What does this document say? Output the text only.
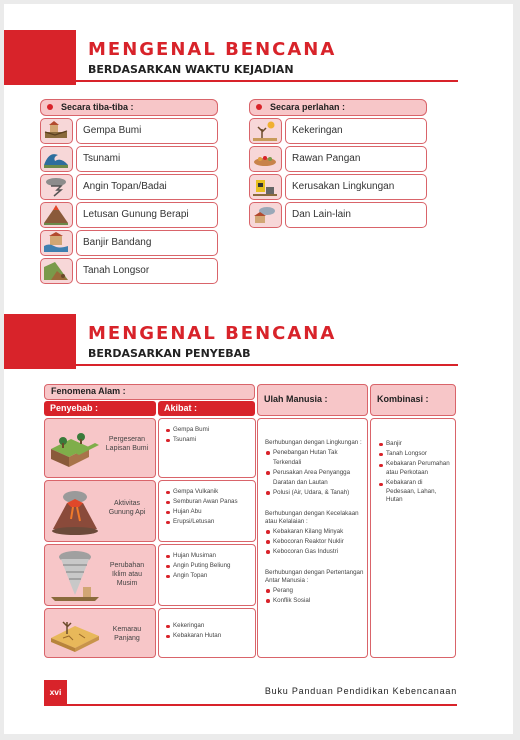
MENGENAL BENCANA
BERDASARKAN WAKTU KEJADIAN
Secara tiba-tiba :
Gempa Bumi
Tsunami
Angin Topan/Badai
Letusan Gunung Berapi
Banjir Bandang
Tanah Longsor
Secara perlahan :
Kekeringan
Rawan Pangan
Kerusakan Lingkungan
Dan Lain-lain
MENGENAL BENCANA
BERDASARKAN PENYEBAB
Fenomena Alam :
Penyebab :	Akibat :
Pergeseran Lapisan Bumi
Gempa Bumi
Tsunami
Aktivitas Gunung Api
Gempa Vulkanik
Semburan Awan Panas
Hujan Abu
Erupsi/Letusan
Perubahan Iklim atau Musim
Hujan Musiman
Angin Puting Beliung
Angin Topan
Kemarau Panjang
Kekeringan
Kebakaran Hutan
Ulah Manusia :
Berhubungan dengan Lingkungan :
Penebangan Hutan Tak Terkendali
Perusakan Area Penyangga Daratan dan Lautan
Polusi (Air, Udara, & Tanah)
Berhubungan dengan Kecelakaan atau Kelalaian :
Kebakaran Kilang Minyak
Kebocoran Reaktor Nuklir
Kebocoran Gas Industri
Berhubungan dengan Pertentangan Antar Manusia :
Perang
Konflik Sosial
Kombinasi :
Banjir
Tanah Longsor
Kebakaran Perumahan atau Perkotaan
Kebakaran di Pedesaan, Lahan, Hutan
xvi	Buku Panduan Pendidikan Kebencanaan
